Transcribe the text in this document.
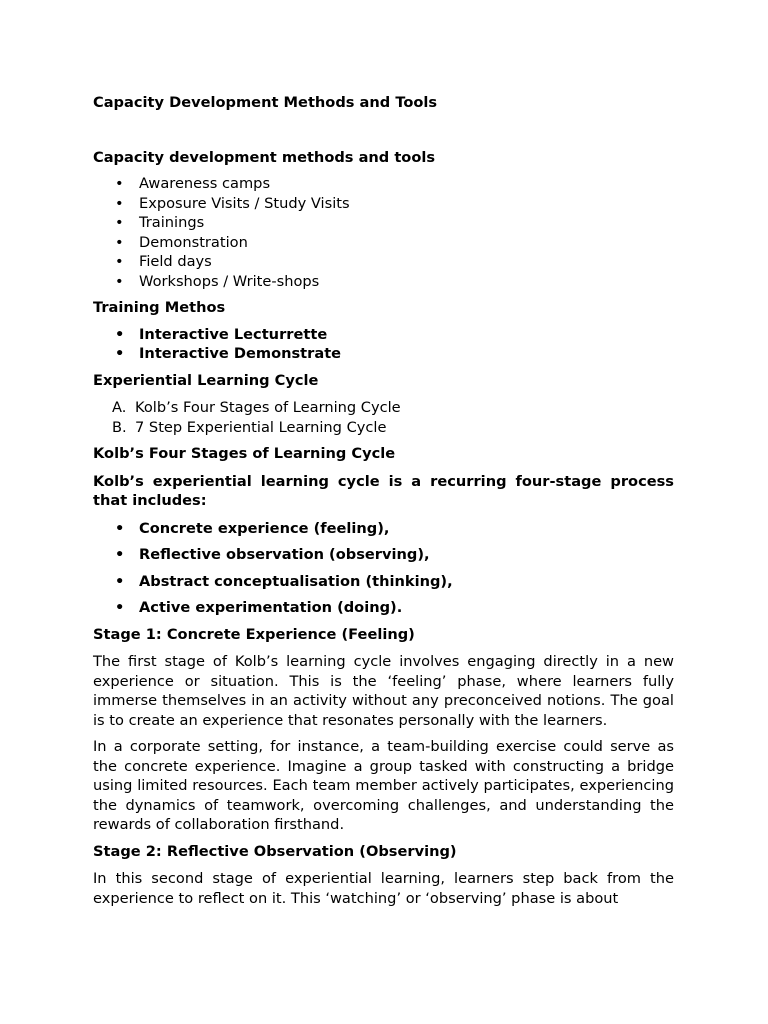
Capacity Development Methods and Tools

Capacity development methods and tools

• Awareness camps
• Exposure Visits / Study Visits
• Trainings
• Demonstration
• Field days
• Workshops / Write-shops

Training Methos

• Interactive Lecturrette
• Interactive Demonstrate

Experiential Learning Cycle

A. Kolb’s Four Stages of Learning Cycle
B. 7 Step Experiential Learning Cycle

Kolb’s Four Stages of Learning Cycle

Kolb’s experiential learning cycle is a recurring four-stage process that includes:

• Concrete experience (feeling),
• Reflective observation (observing),
• Abstract conceptualisation (thinking),
• Active experimentation (doing).

Stage 1: Concrete Experience (Feeling)

The first stage of Kolb’s learning cycle involves engaging directly in a new experience or situation. This is the ‘feeling’ phase, where learners fully immerse themselves in an activity without any preconceived notions. The goal is to create an experience that resonates personally with the learners.

In a corporate setting, for instance, a team-building exercise could serve as the concrete experience. Imagine a group tasked with constructing a bridge using limited resources. Each team member actively participates, experiencing the dynamics of teamwork, overcoming challenges, and understanding the rewards of collaboration firsthand.

Stage 2: Reflective Observation (Observing)

In this second stage of experiential learning, learners step back from the experience to reflect on it. This ‘watching’ or ‘observing’ phase is about
